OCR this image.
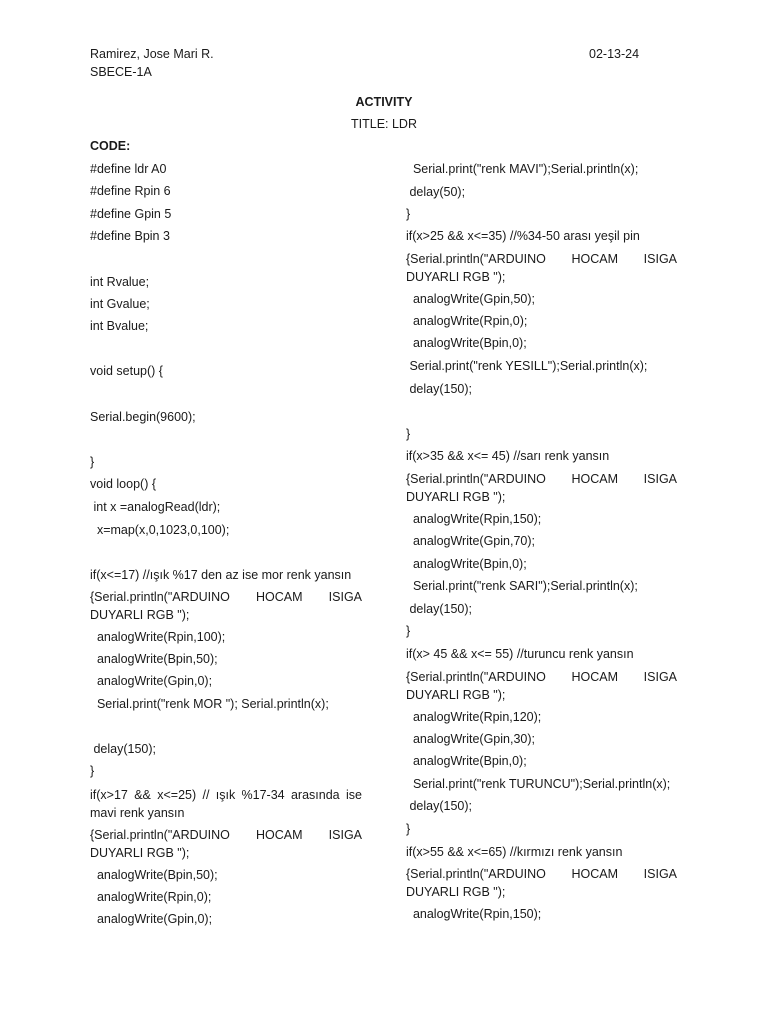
Ramirez, Jose Mari R.
SBECE-1A
02-13-24
ACTIVITY
TITLE: LDR
CODE:
#define ldr A0
#define Rpin 6
#define Gpin 5
#define Bpin 3
int Rvalue;
int Gvalue;
int Bvalue;
void setup() {
Serial.begin(9600);
}
void loop() {
int x =analogRead(ldr);
x=map(x,0,1023,0,100);
if(x<=17) //ışık %17 den az ise mor renk yansın
{Serial.println("ARDUINO HOCAM ISIGA
DUYARLI RGB ");
analogWrite(Rpin,100);
analogWrite(Bpin,50);
analogWrite(Gpin,0);
Serial.print("renk MOR "); Serial.println(x);
delay(150);
}
if(x>17 && x<=25) // ışık %17-34 arasında ise
mavi renk yansın
{Serial.println("ARDUINO HOCAM ISIGA
DUYARLI RGB ");
analogWrite(Bpin,50);
analogWrite(Rpin,0);
analogWrite(Gpin,0);
Serial.print("renk MAVI");Serial.println(x);
delay(50);
}
if(x>25 && x<=35) //%34-50 arası yeşil pin
{Serial.println("ARDUINO HOCAM ISIGA
DUYARLI RGB ");
analogWrite(Gpin,50);
analogWrite(Rpin,0);
analogWrite(Bpin,0);
Serial.print("renk YESILL");Serial.println(x);
delay(150);
}
if(x>35 && x<= 45) //sarı renk yansın
{Serial.println("ARDUINO HOCAM ISIGA
DUYARLI RGB ");
analogWrite(Rpin,150);
analogWrite(Gpin,70);
analogWrite(Bpin,0);
Serial.print("renk SARI");Serial.println(x);
delay(150);
}
if(x> 45 && x<= 55) //turuncu renk yansın
{Serial.println("ARDUINO HOCAM ISIGA
DUYARLI RGB ");
analogWrite(Rpin,120);
analogWrite(Gpin,30);
analogWrite(Bpin,0);
Serial.print("renk TURUNCU");Serial.println(x);
delay(150);
}
if(x>55 && x<=65) //kırmızı renk yansın
{Serial.println("ARDUINO HOCAM ISIGA
DUYARLI RGB ");
analogWrite(Rpin,150);
